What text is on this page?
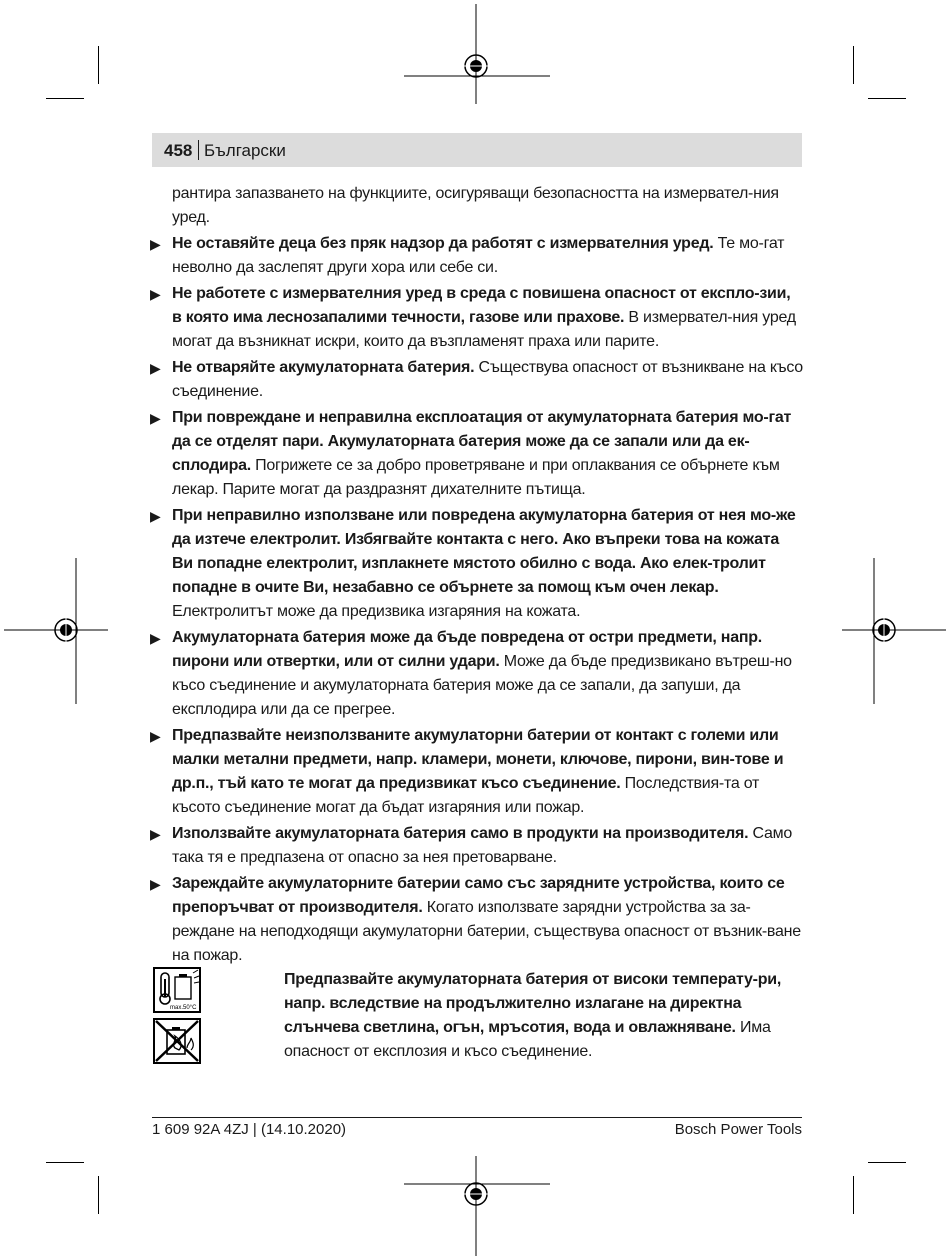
458 Български

рантира запазването на функциите, осигуряващи безопасността на измервател-ния уред.

▶ Не оставяйте деца без пряк надзор да работят с измервателния уред. Те мо-гат неволно да заслепят други хора или себе си.
▶ Не работете с измервателния уред в среда с повишена опасност от експло-зии, в която има леснозапалими течности, газове или прахове. В измервател-ния уред могат да възникнат искри, които да възпламенят праха или парите.
▶ Не отваряйте акумулаторната батерия. Съществува опасност от възникване на късо съединение.
▶ При повреждане и неправилна експлоатация от акумулаторната батерия мо-гат да се отделят пари. Акумулаторната батерия може да се запали или да ек-сплодира. Погрижете се за добро проветряване и при оплаквания се обърнете към лекар. Парите могат да раздразнят дихателните пътища.
▶ При неправилно използване или повредена акумулаторна батерия от нея мо-же да изтече електролит. Избягвайте контакта с него. Ако въпреки това на кожата Ви попадне електролит, изплакнете мястото обилно с вода. Ако елек-тролит попадне в очите Ви, незабавно се обърнете за помощ към очен лекар. Електролитът може да предизвика изгаряния на кожата.
▶ Акумулаторната батерия може да бъде повредена от остри предмети, напр. пирони или отвертки, или от силни удари. Може да бъде предизвикано вътреш-но късо съединение и акумулаторната батерия може да се запали, да запуши, да експлодира или да се прегрее.
▶ Предпазвайте неизползваните акумулаторни батерии от контакт с големи или малки метални предмети, напр. кламери, монети, ключове, пирони, вин-тове и др.п., тъй като те могат да предизвикат късо съединение. Последствия-та от късото съединение могат да бъдат изгаряния или пожар.
▶ Използвайте акумулаторната батерия само в продукти на производителя. Само така тя е предпазена от опасно за нея претоварване.
▶ Зареждайте акумулаторните батерии само със зарядните устройства, които се препоръчват от производителя. Когато използвате зарядни устройства за за-реждане на неподходящи акумулаторни батерии, съществува опасност от възник-ване на пожар.
max.50°C
Предпазвайте акумулаторната батерия от високи температу-ри, напр. вследствие на продължително излагане на директна слънчева светлина, огън, мръсотия, вода и овлажняване. Има опасност от експлозия и късо съединение.
1 609 92A 4ZJ | (14.10.2020)	Bosch Power Tools
